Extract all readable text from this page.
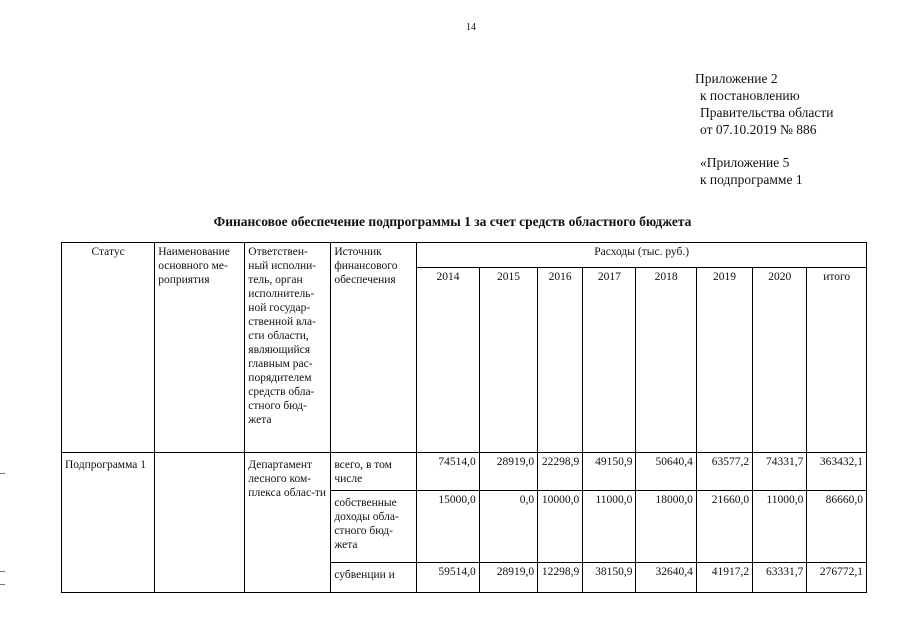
14
Приложение 2
к постановлению
Правительства области
от 07.10.2019 № 886
«Приложение 5
к подпрограмме 1
Финансовое обеспечение подпрограммы 1 за счет средств областного бюджета
Статус	Наименование основного ме-роприятия	Ответствен-ный исполни-тель, орган исполнитель-ной государ-ственной вла-сти области, являющийся главным рас-порядителем средств обла-стного бюд-жета	Источник финансового обеспечения	Расходы (тыс. руб.)							
				2014	2015	2016	2017	2018	2019	2020	итого
Подпрограмма 1		Департамент лесного ком-плекса облас-ти	всего, в том числе	74514,0	28919,0	22298,9	49150,9	50640,4	63577,2	74331,7	363432,1
			собственные доходы обла-стного бюд-жета	15000,0	0,0	10000,0	11000,0	18000,0	21660,0	11000,0	86660,0
			субвенции и	59514,0	28919,0	12298,9	38150,9	32640,4	41917,2	63331,7	276772,1
